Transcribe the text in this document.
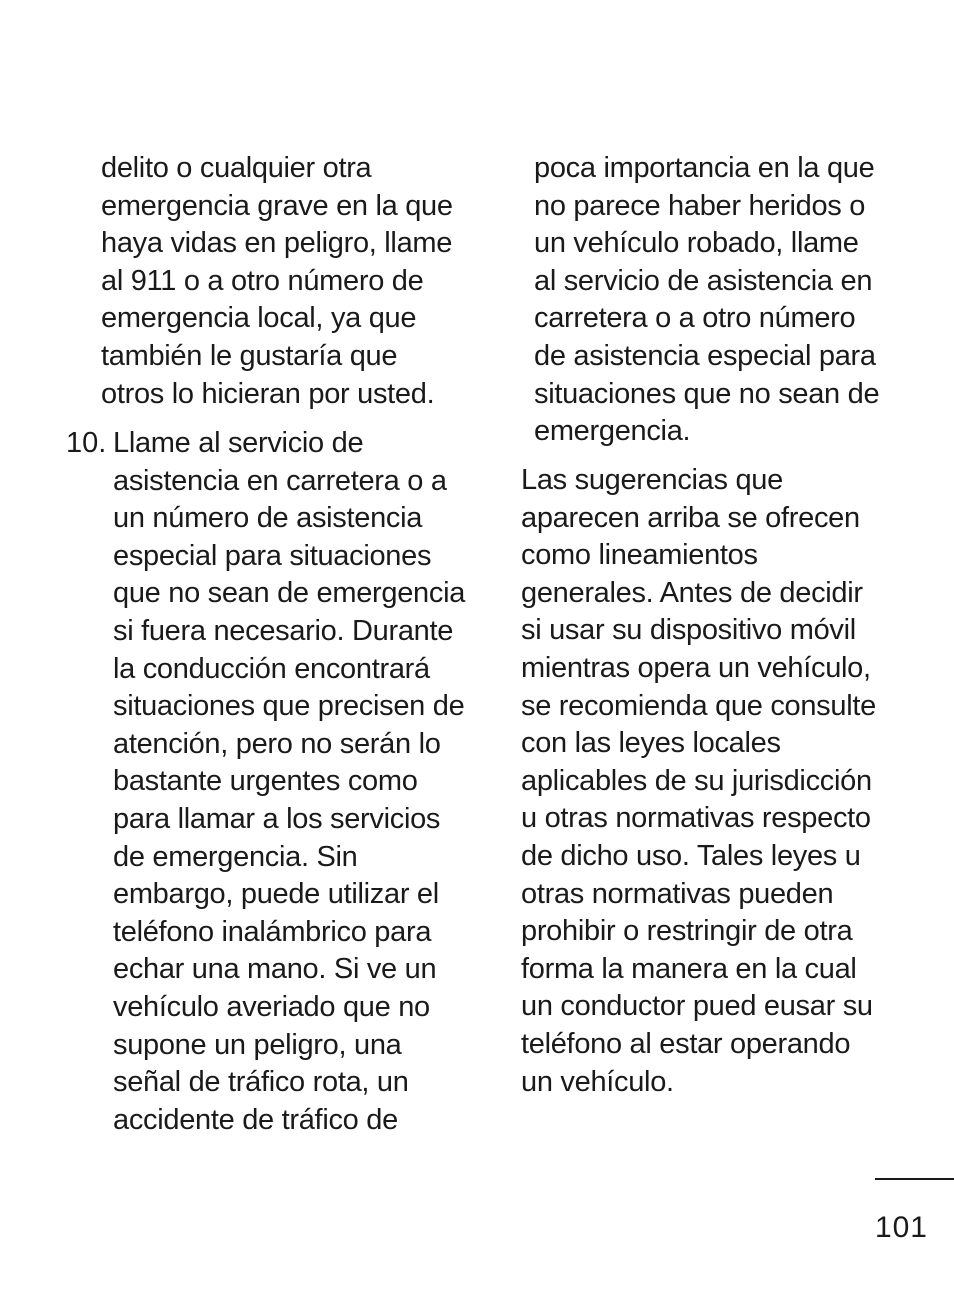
delito o cualquier otra
emergencia grave en la que
haya vidas en peligro, llame
al 911 o a otro número de
emergencia local, ya que
también le gustaría que
otros lo hicieran por usted.
10. Llame al servicio de
asistencia en carretera o a
un número de asistencia
especial para situaciones
que no sean de emergencia
si fuera necesario. Durante
la conducción encontrará
situaciones que precisen de
atención, pero no serán lo
bastante urgentes como
para llamar a los servicios
de emergencia. Sin
embargo, puede utilizar el
teléfono inalámbrico para
echar una mano. Si ve un
vehículo averiado que no
supone un peligro, una
señal de tráfico rota, un
accidente de tráfico de
poca importancia en la que
no parece haber heridos o
un vehículo robado, llame
al servicio de asistencia en
carretera o a otro número
de asistencia especial para
situaciones que no sean de
emergencia.
Las sugerencias que
aparecen arriba se ofrecen
como lineamientos
generales. Antes de decidir
si usar su dispositivo móvil
mientras opera un vehículo,
se recomienda que consulte
con las leyes locales
aplicables de su jurisdicción
u otras normativas respecto
de dicho uso. Tales leyes u
otras normativas pueden
prohibir o restringir de otra
forma la manera en la cual
un conductor pued eusar su
teléfono al estar operando
un vehículo.
101
